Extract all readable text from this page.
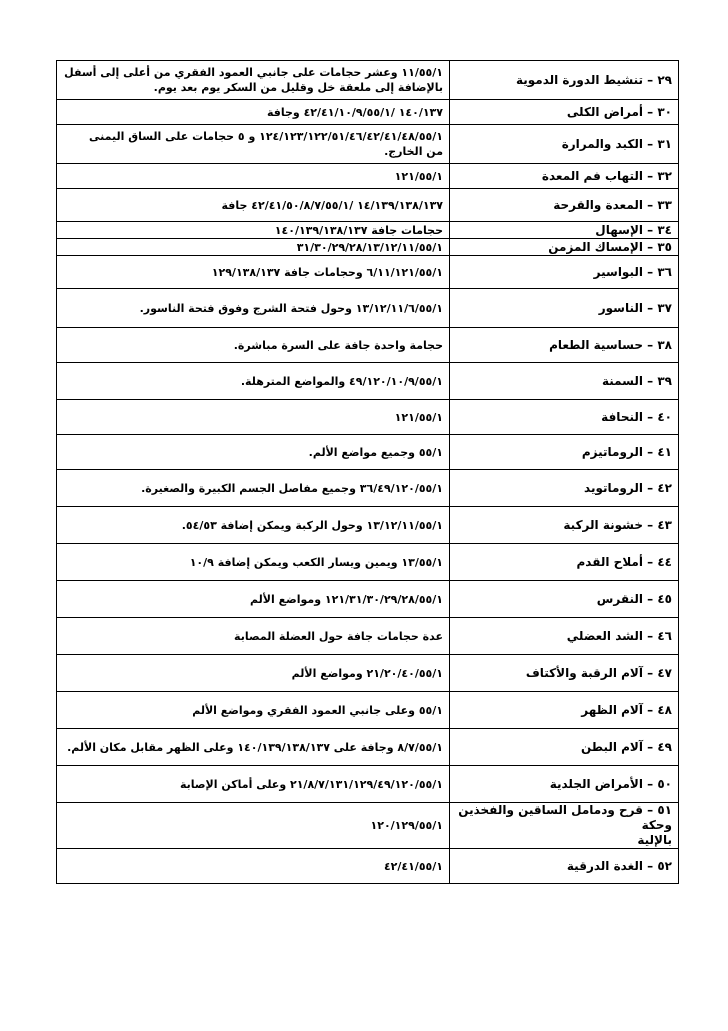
٢٩ – تنشيط الدورة الدموية	١١/٥٥/١ وعشر حجامات على جانبي العمود الفقري من أعلى إلى أسفل
بالإضافة إلى ملعقة خل وقليل من السكر يوم بعد يوم.
٣٠ – أمراض الكلى	١٤٠/١٣٧ /٤٢/٤١/١٠/٩/٥٥/١ وجافة
٣١ – الكبد والمرارة	١٢٤/١٢٣/١٢٢/٥١/٤٦/٤٢/٤١/٤٨/٥٥/١ و ٥ حجامات على الساق اليمنى
من الخارج.
٣٢ – التهاب فم المعدة	١٢١/٥٥/١
٣٣ – المعدة والقرحة	١٤/١٣٩/١٣٨/١٣٧ /٤٢/٤١/٥٠/٨/٧/٥٥/١ جافة
٣٤ – الإسهال	حجامات جافة ١٤٠/١٣٩/١٣٨/١٣٧
٣٥ – الإمساك المزمن	٣١/٣٠/٢٩/٢٨/١٣/١٢/١١/٥٥/١
٣٦ – البواسير	٦/١١/١٢١/٥٥/١ وحجامات جافة ١٢٩/١٣٨/١٣٧
٣٧ – الناسور	١٣/١٢/١١/٦/٥٥/١ وحول فتحة الشرج وفوق فتحة الناسور.
٣٨ – حساسية الطعام	حجامة واحدة جافة على السرة مباشرة.
٣٩ – السمنة	٤٩/١٢٠/١٠/٩/٥٥/١ والمواضع المترهلة.
٤٠ – النحافة	١٢١/٥٥/١
٤١ – الروماتيزم	٥٥/١ وجميع مواضع الألم.
٤٢ – الروماتويد	٣٦/٤٩/١٢٠/٥٥/١ وجميع مفاصل الجسم الكبيرة والصغيرة.
٤٣ – خشونة الركبة	١٣/١٢/١١/٥٥/١ وحول الركبة ويمكن إضافة ٥٤/٥٣.
٤٤ – أملاح القدم	١٣/٥٥/١ ويمين ويسار الكعب ويمكن إضافة ١٠/٩
٤٥ – النقرس	١٢١/٣١/٣٠/٢٩/٢٨/٥٥/١ ومواضع الألم
٤٦ – الشد العضلي	عدة حجامات جافة حول العضلة المصابة
٤٧ – آلام الرقبة والأكتاف	٢١/٢٠/٤٠/٥٥/١ ومواضع الألم
٤٨ – آلام الظهر	٥٥/١ وعلى جانبي العمود الفقري ومواضع الألم
٤٩ – آلام البطن	٨/٧/٥٥/١ وجافة على ١٤٠/١٣٩/١٣٨/١٣٧ وعلى الظهر مقابل مكان الألم.
٥٠ – الأمراض الجلدية	٢١/٨/٧/١٣١/١٢٩/٤٩/١٢٠/٥٥/١ وعلى أماكن الإصابة
٥١ – قرح ودمامل الساقين والفخذين وحكة
بالإلية	١٢٠/١٢٩/٥٥/١
٥٢ – الغدة الدرقية	٤٢/٤١/٥٥/١
